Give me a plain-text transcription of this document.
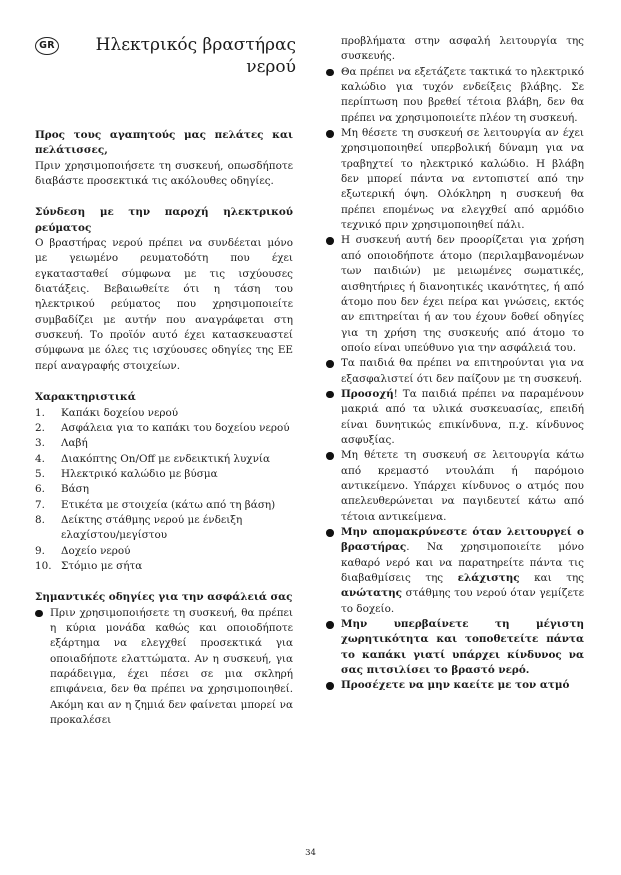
GR	Ηλεκτρικός βραστήρας νερού

Προς τους αγαπητούς μας πελάτες και πελάτισσες,

Πριν χρησιμοποιήσετε τη συσκευή, οπωσδήποτε διαβάστε προσεκτικά τις ακόλουθες οδηγίες.

Σύνδεση με την παροχή ηλεκτρικού ρεύματος

Ο βραστήρας νερού πρέπει να συνδέεται μόνο με γειωμένο ρευματοδότη που έχει εγκατασταθεί σύμφωνα με τις ισχύουσες διατάξεις. Βεβαιωθείτε ότι η τάση του ηλεκτρικού ρεύματος που χρησιμοποιείτε συμβαδίζει με αυτήν που αναγράφεται στη συσκευή. Το προϊόν αυτό έχει κατασκευαστεί σύμφωνα με όλες τις ισχύουσες οδηγίες της ΕΕ περί αναγραφής στοιχείων.

Χαρακτηριστικά

1. Καπάκι δοχείου νερού
2. Ασφάλεια για το καπάκι του δοχείου νερού
3. Λαβή
4. Διακόπτης On/Off με ενδεικτική λυχνία
5. Ηλεκτρικό καλώδιο με βύσμα
6. Βάση
7. Ετικέτα με στοιχεία (κάτω από τη βάση)
8. Δείκτης στάθμης νερού με ένδειξη ελαχίστου/μεγίστου
9. Δοχείο νερού
10. Στόμιο με σήτα

Σημαντικές οδηγίες για την ασφάλειά σας

Πριν χρησιμοποιήσετε τη συσκευή, θα πρέπει η κύρια μονάδα καθώς και οποιοδήποτε εξάρτημα να ελεγχθεί προσεκτικά για οποιαδήποτε ελαττώματα. Αν η συσκευή, για παράδειγμα, έχει πέσει σε μια σκληρή επιφάνεια, δεν θα πρέπει να χρησιμοποιηθεί. Ακόμη και αν η ζημιά δεν φαίνεται μπορεί να προκαλέσει

προβλήματα στην ασφαλή λειτουργία της συσκευής.

Θα πρέπει να εξετάζετε τακτικά το ηλεκτρικό καλώδιο για τυχόν ενδείξεις βλάβης. Σε περίπτωση που βρεθεί τέτοια βλάβη, δεν θα πρέπει να χρησιμοποιείτε πλέον τη συσκευή.
Μη θέσετε τη συσκευή σε λειτουργία αν έχει χρησιμοποιηθεί υπερβολική δύναμη για να τραβηχτεί το ηλεκτρικό καλώδιο. Η βλάβη δεν μπορεί πάντα να εντοπιστεί από την εξωτερική όψη. Ολόκληρη η συσκευή θα πρέπει επομένως να ελεγχθεί από αρμόδιο τεχνικό πριν χρησιμοποιηθεί πάλι.
Η συσκευή αυτή δεν προορίζεται για χρήση από οποιοδήποτε άτομο (περιλαμβανομένων των παιδιών) με μειωμένες σωματικές, αισθητήριες ή διανοητικές ικανότητες, ή από άτομο που δεν έχει πείρα και γνώσεις, εκτός αν επιτηρείται ή αν του έχουν δοθεί οδηγίες για τη χρήση της συσκευής από άτομο το οποίο είναι υπεύθυνο για την ασφάλειά του.
Τα παιδιά θα πρέπει να επιτηρούνται για να εξασφαλιστεί ότι δεν παίζουν με τη συσκευή.
Προσοχή! Τα παιδιά πρέπει να παραμένουν μακριά από τα υλικά συσκευασίας, επειδή είναι δυνητικώς επικίνδυνα, π.χ. κίνδυνος ασφυξίας.
Μη θέτετε τη συσκευή σε λειτουργία κάτω από κρεμαστό ντουλάπι ή παρόμοιο αντικείμενο. Υπάρχει κίνδυνος ο ατμός που απελευθερώνεται να παγιδευτεί κάτω από τέτοια αντικείμενα.
Μην απομακρύνεστε όταν λειτουργεί ο βραστήρας. Να χρησιμοποιείτε μόνο καθαρό νερό και να παρατηρείτε πάντα τις διαβαθμίσεις της ελάχιστης και της ανώτατης στάθμης του νερού όταν γεμίζετε το δοχείο.
Μην υπερβαίνετε τη μέγιστη χωρητικότητα και τοποθετείτε πάντα το καπάκι γιατί υπάρχει κίνδυνος να σας πιτσιλίσει το βραστό νερό.
Προσέχετε να μην καείτε με τον ατμό
34
